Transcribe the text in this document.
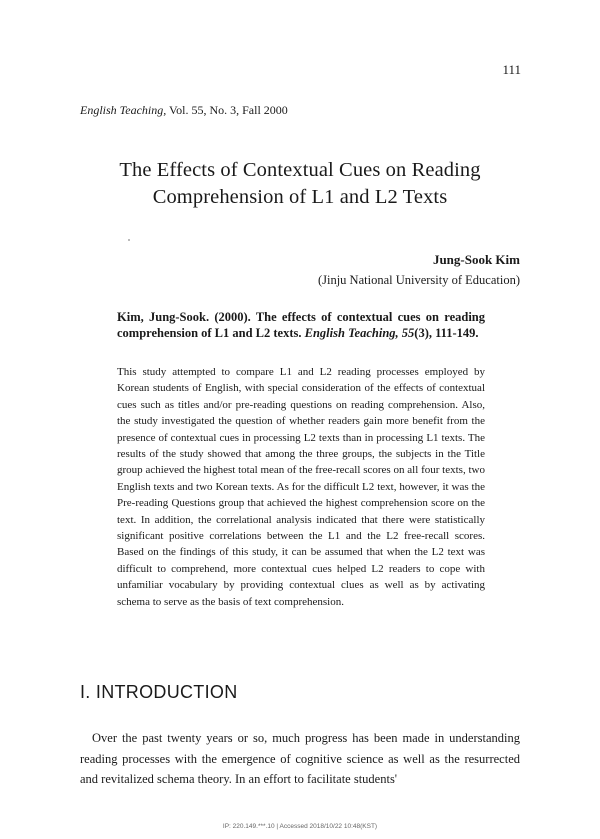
111
English Teaching, Vol. 55, No. 3, Fall 2000
The Effects of Contextual Cues on Reading
Comprehension of L1 and L2 Texts
Jung-Sook Kim
(Jinju National University of Education)
Kim, Jung-Sook. (2000). The effects of contextual cues on reading comprehension of L1 and L2 texts. English Teaching, 55(3), 111-149.
This study attempted to compare L1 and L2 reading processes employed by Korean students of English, with special consideration of the effects of contextual cues such as titles and/or pre-reading questions on reading comprehension. Also, the study investigated the question of whether readers gain more benefit from the presence of contextual cues in processing L2 texts than in processing L1 texts. The results of the study showed that among the three groups, the subjects in the Title group achieved the highest total mean of the free-recall scores on all four texts, two English texts and two Korean texts. As for the difficult L2 text, however, it was the Pre-reading Questions group that achieved the highest comprehension score on the text. In addition, the correlational analysis indicated that there were statistically significant positive correlations between the L1 and the L2 free-recall scores. Based on the findings of this study, it can be assumed that when the L2 text was difficult to comprehend, more contextual cues helped L2 readers to cope with unfamiliar vocabulary by providing contextual clues as well as by activating schema to serve as the basis of text comprehension.
I. INTRODUCTION
Over the past twenty years or so, much progress has been made in understanding reading processes with the emergence of cognitive science as well as the resurrected and revitalized schema theory. In an effort to facilitate students'
IP: 220.149.***.10 | Accessed 2018/10/22 10:48(KST)
